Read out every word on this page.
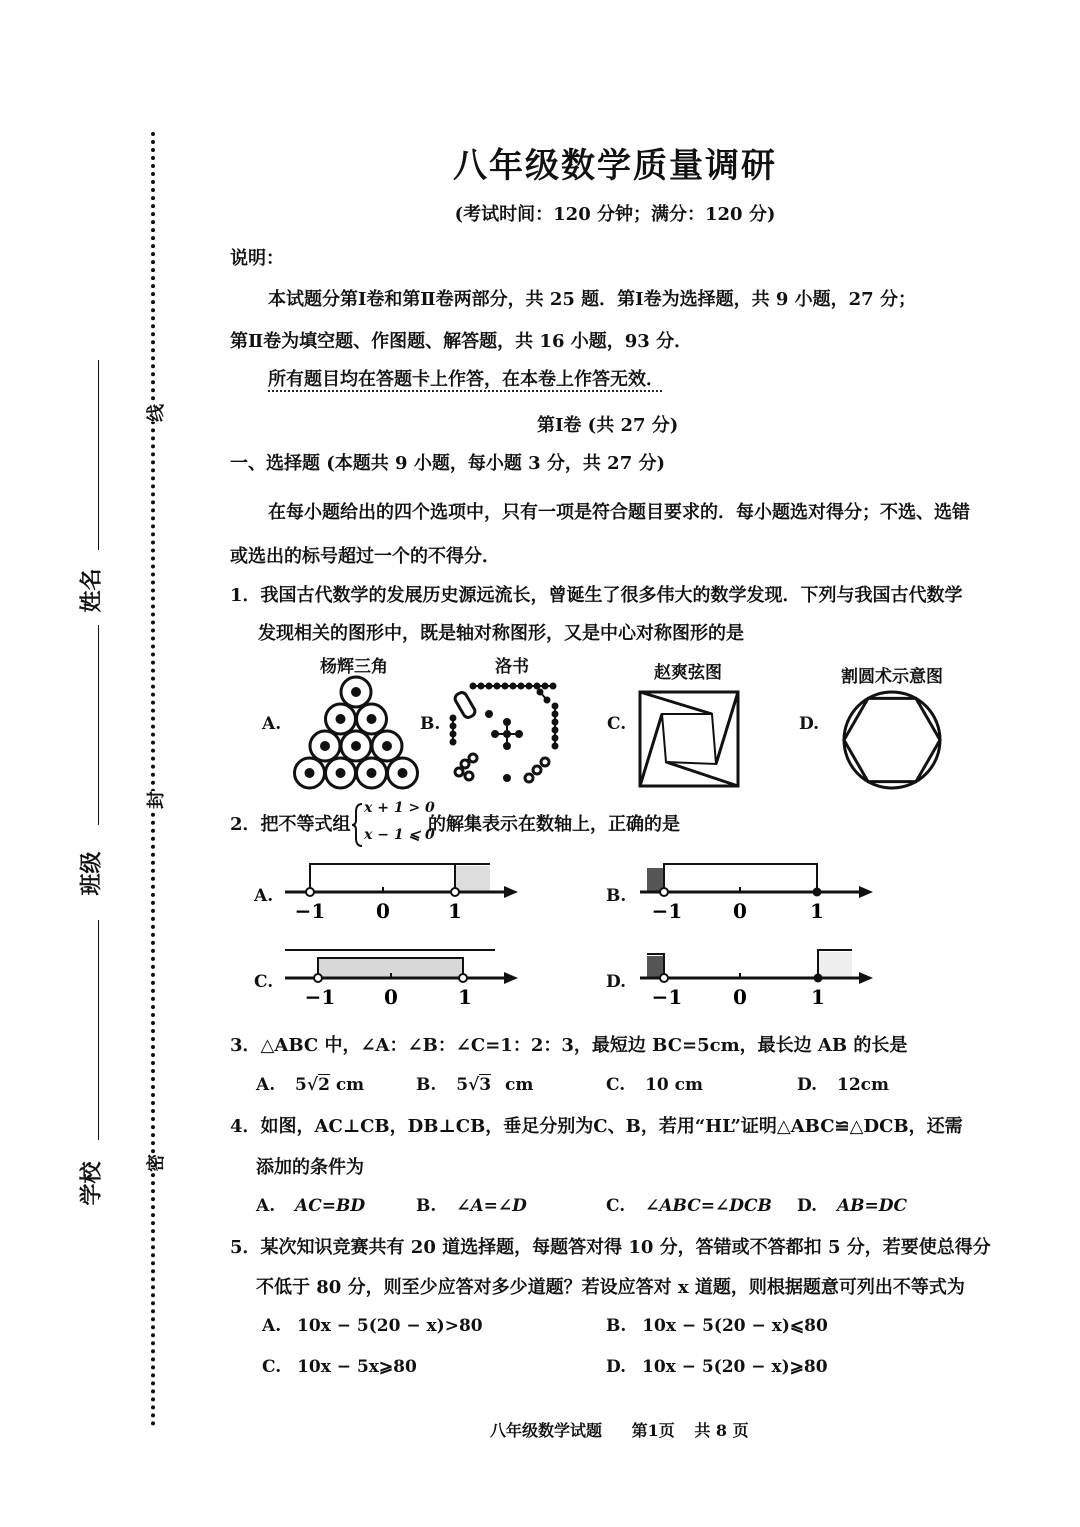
线
封
密
姓名
班级
学校
八年级数学质量调研
(考试时间：120 分钟；满分：120 分)
说明：
本试题分第Ⅰ卷和第Ⅱ卷两部分，共 25 题．第Ⅰ卷为选择题，共 9 小题，27 分；
第Ⅱ卷为填空题、作图题、解答题，共 16 小题，93 分．
所有题目均在答题卡上作答，在本卷上作答无效．
第Ⅰ卷 (共 27 分)
一、选择题 (本题共 9 小题，每小题 3 分，共 27 分)
在每小题给出的四个选项中，只有一项是符合题目要求的．每小题选对得分；不选、选错
或选出的标号超过一个的不得分．
1．我国古代数学的发展历史源远流长，曾诞生了很多伟大的数学发现．下列与我国古代数学
发现相关的图形中，既是轴对称图形，又是中心对称图形的是
杨辉三角	洛书	赵爽弦图	割圆术示意图
A.	B.	C.	D.
2．把不等式组
x + 1 > 0
x − 1 ⩽ 0
的解集表示在数轴上，正确的是
A.	B.
C.	D.
−1	0	1	−1	0	1
−1 0	1	−1	0	1
3．△ABC 中，∠A：∠B：∠C=1：2：3，最短边 BC=5cm，最长边 AB 的长是
A. 5√2 cm	B. 5√3 cm	C. 10 cm	D. 12cm
4．如图，AC⊥CB，DB⊥CB，垂足分别为C、B，若用“HL”证明△ABC≌△DCB，还需
添加的条件为
A. AC=BD	B. ∠A=∠D	C. ∠ABC=∠DCB D. AB=DC
5．某次知识竞赛共有 20 道选择题，每题答对得 10 分，答错或不答都扣 5 分，若要使总得分
不低于 80 分，则至少应答对多少道题？若设应答对 x 道题，则根据题意可列出不等式为
A. 10x − 5(20 − x)>80	B. 10x − 5(20 − x)⩽80
C. 10x − 5x⩾80	D. 10x − 5(20 − x)⩾80
八年级数学试题 第1页 共 8 页
